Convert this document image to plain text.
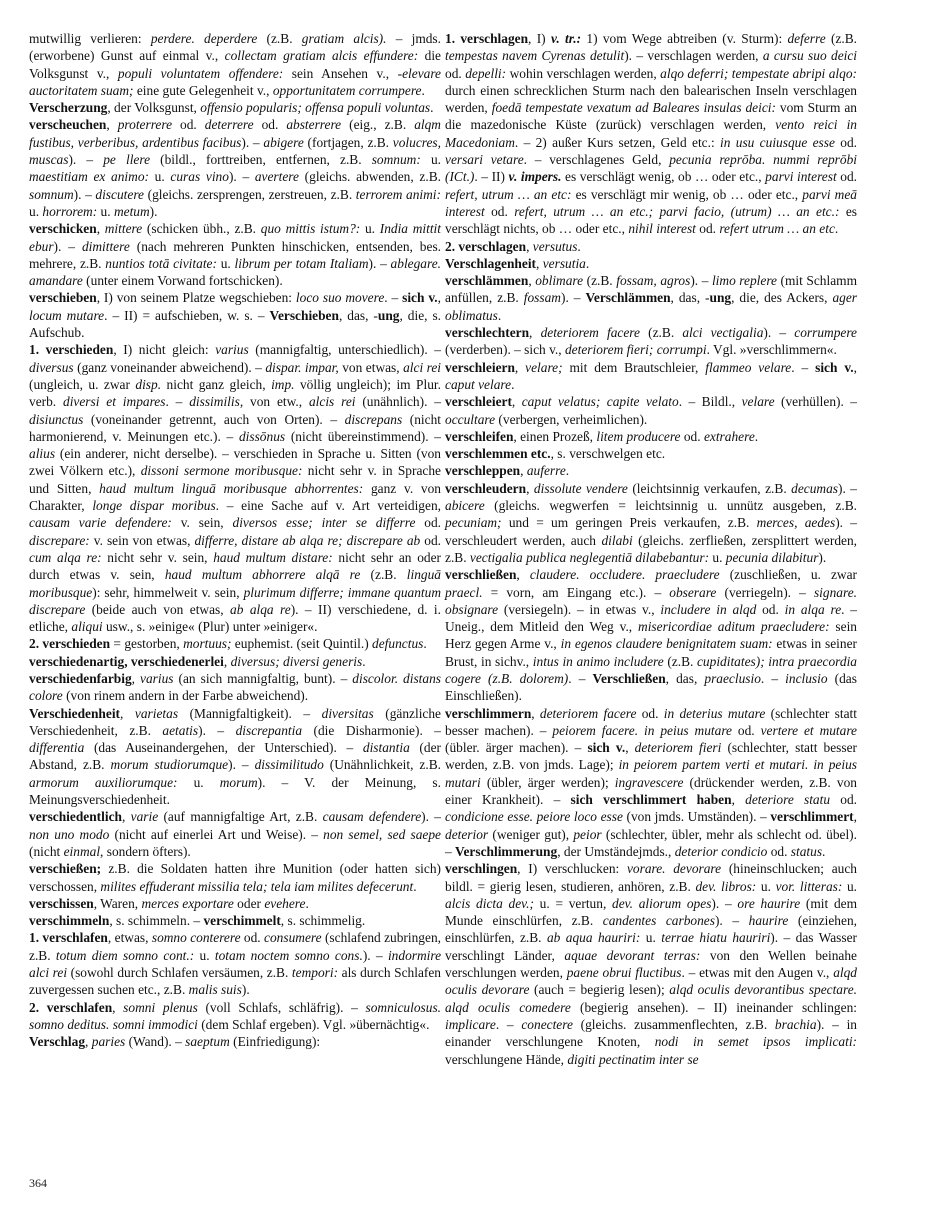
mutwillig verlieren: perdere. deperdere (z.B. gratiam alcis). – jmds. (erworbene) Gunst auf einmal v., collectam gratiam alcis effundere: die Volksgunst v., populi voluntatem offendere: sein Ansehen v., -elevare auctoritatem suam; eine gute Gelegenheit v., opportunitatem corrumpere.

Verscherzung, der Volksgunst, offensio popularis; offensa populi voluntas.

verscheuchen, proterrere od. deterrere od. absterrere (eig., z.B. alqm fustibus, verberibus, ardentibus facibus). – abigere (fortjagen, z.B. volucres, muscas). – pe llere (bildl., forttreiben, entfernen, z.B. somnum: u. maestitiam ex animo: u. curas vino). – avertere (gleichs. abwenden, z.B. somnum). – discutere (gleichs. zersprengen, zerstreuen, z.B. terrorem animi: u. horrorem: u. metum).

verschicken, mittere (schicken übh., z.B. quo mittis istum?: u. India mittit ebur). – dimittere (nach mehreren Punkten hinschicken, entsenden, bes. mehrere, z.B. nuntios totā civitate: u. librum per totam Italiam). – ablegare. amandare (unter einem Vorwand fortschicken).

verschieben, I) von seinem Platze wegschieben: loco suo movere. – sich v., locum mutare. – II) = aufschieben, w. s. – Verschieben, das, -ung, die, s. Aufschub.

1. verschieden, I) nicht gleich: varius (mannigfaltig, unterschiedlich). – diversus (ganz voneinander abweichend). – dispar. impar, von etwas, alci rei (ungleich, u. zwar disp. nicht ganz gleich, imp. völlig ungleich); im Plur. verb. diversi et impares. – dissimilis, von etw., alcis rei (unähnlich). – disiunctus (voneinander getrennt, auch von Orten). – discrepans (nicht harmonierend, v. Meinungen etc.). – dissōnus (nicht übereinstimmend). – alius (ein anderer, nicht derselbe). – verschieden in Sprache u. Sitten (von zwei Völkern etc.), dissoni sermone moribusque: nicht sehr v. in Sprache und Sitten, haud multum linguā moribusque abhorrentes: ganz v. von Charakter, longe dispar moribus. – eine Sache auf v. Art verteidigen, causam varie defendere: v. sein, diversos esse; inter se differre od. discrepare: v. sein von etwas, differre, distare ab alqa re; discrepare ab od. cum alqa re: nicht sehr v. sein, haud multum distare: nicht sehr an oder durch etwas v. sein, haud multum abhorrere alqā re (z.B. linguā moribusque): sehr, himmelweit v. sein, plurimum differre; immane quantum discrepare (beide auch von etwas, ab alqa re). – II) verschiedene, d. i. etliche, aliqui usw., s. »einige« (Plur) unter »einiger«.

2. verschieden = gestorben, mortuus; euphemist. (seit Quintil.) defunctus.

verschiedenartig, verschiedenerlei, diversus; diversi generis.

verschiedenfarbig, varius (an sich mannigfaltig, bunt). – discolor. distans colore (von rinem andern in der Farbe abweichend).

Verschiedenheit, varietas (Mannigfaltigkeit). – diversitas (gänzliche Verschiedenheit, z.B. aetatis). – discrepantia (die Disharmonie). – differentia (das Auseinandergehen, der Unterschied). – distantia (der Abstand, z.B. morum studiorumque). – dissimilitudo (Unähnlichkeit, z.B. armorum auxiliorumque: u. morum). – V. der Meinung, s. Meinungsverschiedenheit.

verschiedentlich, varie (auf mannigfaltige Art, z.B. causam defendere). – non uno modo (nicht auf einerlei Art und Weise). – non semel, sed saepe (nicht einmal, sondern öfters).

verschießen; z.B. die Soldaten hatten ihre Munition (oder hatten sich) verschossen, milites effuderant missilia tela; tela iam milites defecerunt.

verschissen, Waren, merces exportare oder evehere.

verschimmeln, s. schimmeln. – verschimmelt, s. schimmelig.

1. verschlafen, etwas, somno conterere od. consumere (schlafend zubringen, z.B. totum diem somno cont.: u. totam noctem somno cons.). – indormire alci rei (sowohl durch Schlafen versäumen, z.B. tempori: als durch Schlafen zuvergessen suchen etc., z.B. malis suis).

2. verschlafen, somni plenus (voll Schlafs, schläfrig). – somniculosus. somno deditus. somni immodici (dem Schlaf ergeben). Vgl. »übernächtig«.

Verschlag, paries (Wand). – saeptum (Einfriedigung):

1. verschlagen, I) v. tr.: 1) vom Wege abtreiben (v. Sturm): deferre (z.B. tempestas navem Cyrenas detulit). – verschlagen werden, a cursu suo deici od. depelli: wohin verschlagen werden, alqo deferri; tempestate abripi alqo: durch einen schrecklichen Sturm nach den balearischen Inseln verschlagen werden, foedā tempestate vexatum ad Baleares insulas deici: vom Sturm an die mazedonische Küste (zurück) verschlagen werden, vento reici in Macedoniam. – 2) außer Kurs setzen, Geld etc.: in usu cuiusque esse od. versari vetare. – verschlagenes Geld, pecunia reprōba. nummi reprōbi (ICt.). – II) v. impers. es verschlägt wenig, ob … oder etc., parvi interest od. refert, utrum … an etc: es verschlägt mir wenig, ob … oder etc., parvi meā interest od. refert, utrum … an etc.; parvi facio, (utrum) … an etc.: es verschlägt nichts, ob … oder etc., nihil interest od. refert utrum … an etc.

2. verschlagen, versutus.

Verschlagenheit, versutia.

verschlämmen, oblimare (z.B. fossam, agros). – limo replere (mit Schlamm anfüllen, z.B. fossam). – Verschlämmen, das, -ung, die, des Ackers, ager oblimatus.

verschlechtern, deteriorem facere (z.B. alci vectigalia). – corrumpere (verderben). – sich v., deteriorem fieri; corrumpi. Vgl. »verschlimmern«.

verschleiern, velare; mit dem Brautschleier, flammeo velare. – sich v., caput velare.

verschleiert, caput velatus; capite velato. – Bildl., velare (verhüllen). – occultare (verbergen, verheimlichen).

verschleifen, einen Prozeß, litem producere od. extrahere.

verschlemmen etc., s. verschwelgen etc.

verschleppen, auferre.

verschleudern, dissolute vendere (leichtsinnig verkaufen, z.B. decumas). – abicere (gleichs. wegwerfen = leichtsinnig u. unnütz ausgeben, z.B. pecuniam; und = um geringen Preis verkaufen, z.B. merces, aedes). – verschleudert werden, auch dilabi (gleichs. zerfließen, zersplittert werden, z.B. vectigalia publica neglegentiā dilabebantur: u. pecunia dilabitur).

verschließen, claudere. occludere. praecludere (zuschließen, u. zwar praecl. = vorn, am Eingang etc.). – obserare (verriegeln). – signare. obsignare (versiegeln). – in etwas v., includere in alqd od. in alqa re. – Uneig., dem Mitleid den Weg v., misericordiae aditum praecludere: sein Herz gegen Arme v., in egenos claudere benignitatem suam: etwas in seiner Brust, in sichv., intus in animo includere (z.B. cupiditates); intra praecordia cogere (z.B. dolorem). – Verschließen, das, praeclusio. – inclusio (das Einschließen).

verschlimmern, deteriorem facere od. in deterius mutare (schlechter statt besser machen). – peiorem facere. in peius mutare od. vertere et mutare (übler. ärger machen). – sich v., deteriorem fieri (schlechter, statt besser werden, z.B. von jmds. Lage); in peiorem partem verti et mutari. in peius mutari (übler, ärger werden); ingravescere (drückender werden, z.B. von einer Krankheit). – sich verschlimmert haben, deteriore statu od. condicione esse. peiore loco esse (von jmds. Umständen). – verschlimmert, deterior (weniger gut), peior (schlechter, übler, mehr als schlecht od. übel). – Verschlimmerung, der Umständejmds., deterior condicio od. status.

verschlingen, I) verschlucken: vorare. devorare (hineinschlucken; auch bildl. = gierig lesen, studieren, anhören, z.B. dev. libros: u. vor. litteras: u. alcis dicta dev.; u. = vertun, dev. aliorum opes). – ore haurire (mit dem Munde einschlürfen, z.B. candentes carbones). – haurire (einziehen, einschlürfen, z.B. ab aqua hauriri: u. terrae hiatu hauriri). – das Wasser verschlingt Länder, aquae devorant terras: von den Wellen beinahe verschlungen werden, paene obrui fluctibus. – etwas mit den Augen v., alqd oculis devorare (auch = begierig lesen); alqd oculis devorantibus spectare. alqd oculis comedere (begierig ansehen). – II) ineinander schlingen: implicare. – conectere (gleichs. zusammenflechten, z.B. brachia). – in einander verschlungene Knoten, nodi in semet ipsos implicati: verschlungene Hände, digiti pectinatim inter se

364
